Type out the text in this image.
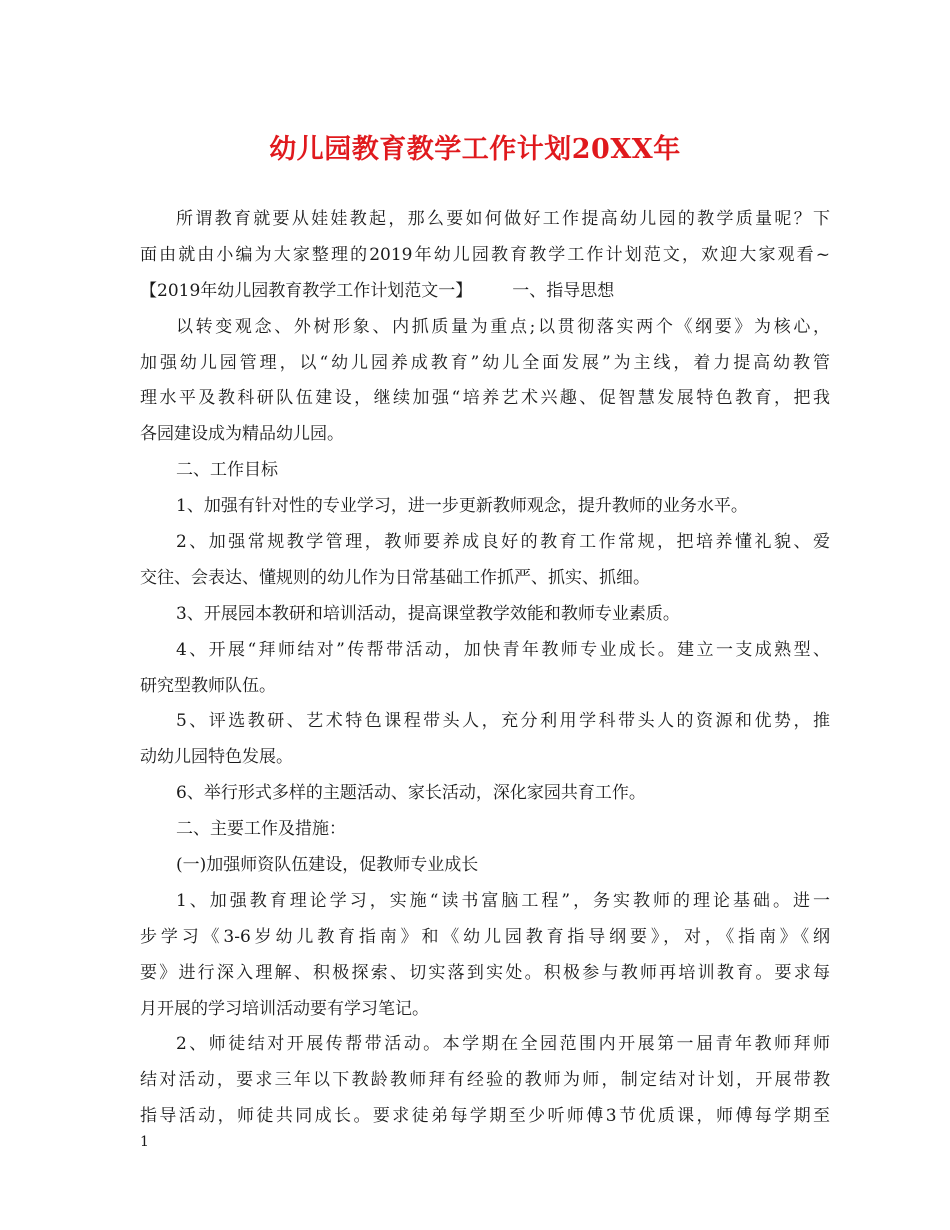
幼儿园教育教学工作计划20XX年
所谓教育就要从娃娃教起，那么要如何做好工作提高幼儿园的教学质量呢？下
面由就由小编为大家整理的2019年幼儿园教育教学工作计划范文，欢迎大家观看~
【2019年幼儿园教育教学工作计划范文一】 一、指导思想
以转变观念、外树形象、内抓质量为重点;以贯彻落实两个《纲要》为核心，
加强幼儿园管理，以“幼儿园养成教育”幼儿全面发展”为主线，着力提高幼教管
理水平及教科研队伍建设，继续加强“培养艺术兴趣、促智慧发展特色教育，把我
各园建设成为精品幼儿园。
二、工作目标
1、加强有针对性的专业学习，进一步更新教师观念，提升教师的业务水平。
2、加强常规教学管理，教师要养成良好的教育工作常规，把培养懂礼貌、爱
交往、会表达、懂规则的幼儿作为日常基础工作抓严、抓实、抓细。
3、开展园本教研和培训活动，提高课堂教学效能和教师专业素质。
4、开展“拜师结对”传帮带活动，加快青年教师专业成长。建立一支成熟型、
研究型教师队伍。
5、评选教研、艺术特色课程带头人，充分利用学科带头人的资源和优势，推
动幼儿园特色发展。
6、举行形式多样的主题活动、家长活动，深化家园共育工作。
二、主要工作及措施：
(一)加强师资队伍建设，促教师专业成长
1、加强教育理论学习，实施“读书富脑工程”，务实教师的理论基础。进一
步学习《3-6岁幼儿教育指南》和《幼儿园教育指导纲要》，对，《指南》《纲
要》进行深入理解、积极探索、切实落到实处。积极参与教师再培训教育。要求每
月开展的学习培训活动要有学习笔记。
2、师徒结对开展传帮带活动。本学期在全园范围内开展第一届青年教师拜师
结对活动，要求三年以下教龄教师拜有经验的教师为师，制定结对计划，开展带教
指导活动，师徒共同成长。要求徒弟每学期至少听师傅3节优质课，师傅每学期至
1
